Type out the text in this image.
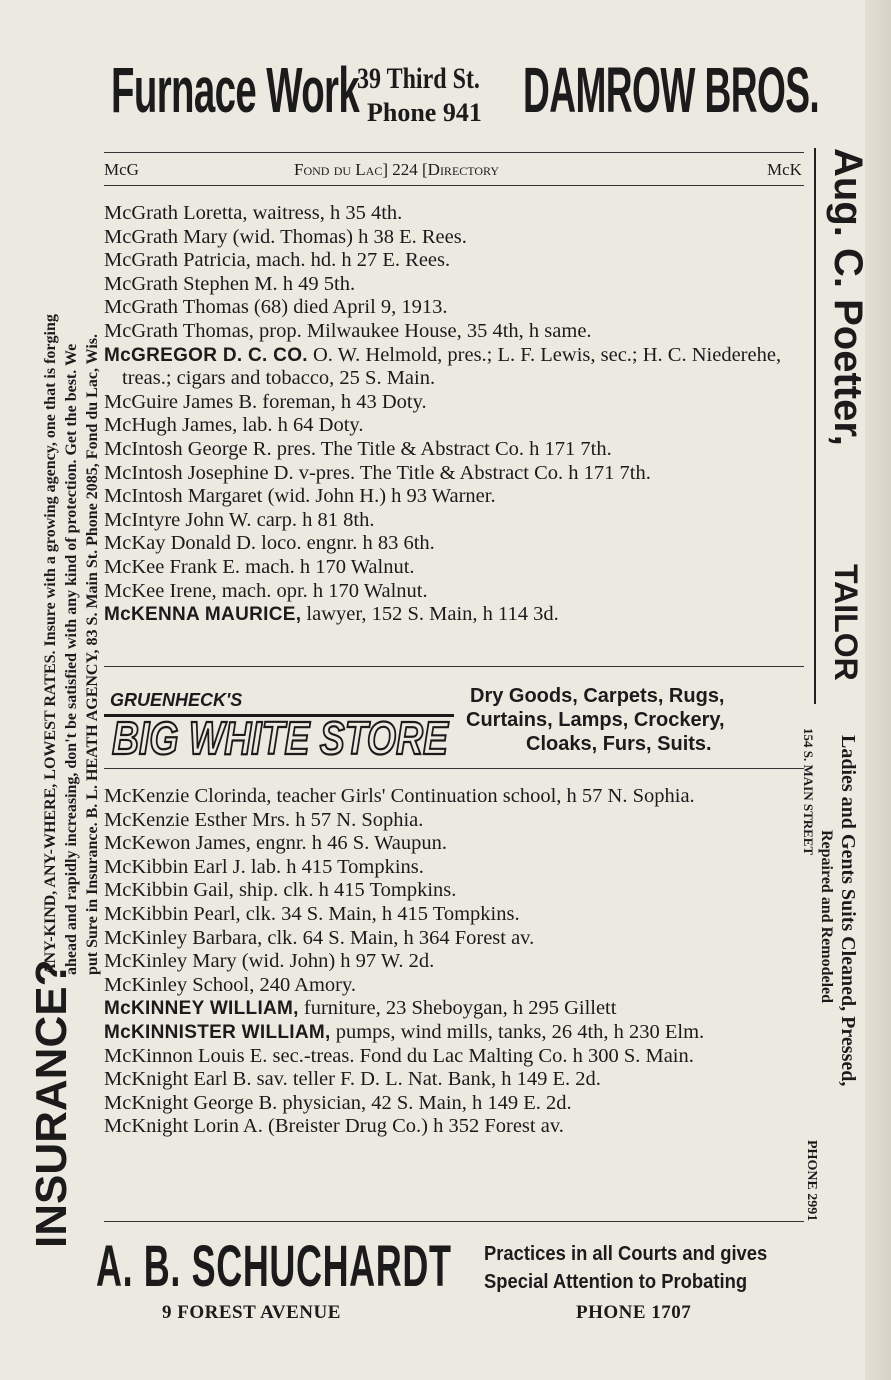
Furnace Work
39 Third St.
Phone 941 DAMROW BROS.
McG	Fond du Lac] 224 [Directory	McK
McGrath Loretta, waitress, h 35 4th.
McGrath Mary (wid. Thomas) h 38 E. Rees.
McGrath Patricia, mach. hd. h 27 E. Rees.
McGrath Stephen M. h 49 5th.
McGrath Thomas (68) died April 9, 1913.
McGrath Thomas, prop. Milwaukee House, 35 4th, h same.
McGREGOR D. C. CO. O. W. Helmold, pres.; L. F. Lewis, sec.; H. C. Niederehe, treas.; cigars and tobacco, 25 S. Main.
McGuire James B. foreman, h 43 Doty.
McHugh James, lab. h 64 Doty.
McIntosh George R. pres. The Title & Abstract Co. h 171 7th.
McIntosh Josephine D. v-pres. The Title & Abstract Co. h 171 7th.
McIntosh Margaret (wid. John H.) h 93 Warner.
McIntyre John W. carp. h 81 8th.
McKay Donald D. loco. engnr. h 83 6th.
McKee Frank E. mach. h 170 Walnut.
McKee Irene, mach. opr. h 170 Walnut.
McKENNA MAURICE, lawyer, 152 S. Main, h 114 3d.
GRUENHECK'S
BIG WHITE STORE
Dry Goods, Carpets, Rugs,
Curtains, Lamps, Crockery,
Cloaks, Furs, Suits.
McKenzie Clorinda, teacher Girls' Continuation school, h 57 N. Sophia.
McKenzie Esther Mrs. h 57 N. Sophia.
McKewon James, engnr. h 46 S. Waupun.
McKibbin Earl J. lab. h 415 Tompkins.
McKibbin Gail, ship. clk. h 415 Tompkins.
McKibbin Pearl, clk. 34 S. Main, h 415 Tompkins.
McKinley Barbara, clk. 64 S. Main, h 364 Forest av.
McKinley Mary (wid. John) h 97 W. 2d.
McKinley School, 240 Amory.
McKINNEY WILLIAM, furniture, 23 Sheboygan, h 295 Gillett
McKINNISTER WILLIAM, pumps, wind mills, tanks, 26 4th, h 230 Elm.
McKinnon Louis E. sec.-treas. Fond du Lac Malting Co. h 300 S. Main.
McKnight Earl B. sav. teller F. D. L. Nat. Bank, h 149 E. 2d.
McKnight George B. physician, 42 S. Main, h 149 E. 2d.
McKnight Lorin A. (Breister Drug Co.) h 352 Forest av.
INSURANCE?
ANY-KIND, ANY-WHERE, LOWEST RATES. Insure with a growing agency, one that is forging ahead and rapidly increasing, don't be satisfied with any kind of protection. Get the best. We put Sure in Insurance. B. L. HEATH AGENCY, 83 S. Main St. Phone 2085, Fond du Lac, Wis.
Aug. C. Poetter,
TAILOR
Ladies and Gents Suits Cleaned, Pressed,
Repaired and Remodeled
154 S. MAIN STREET
PHONE 2991
A. B. SCHUCHARDT Practices in all Courts and gives
Special Attention to Probating
9 FOREST AVENUE	PHONE 1707
